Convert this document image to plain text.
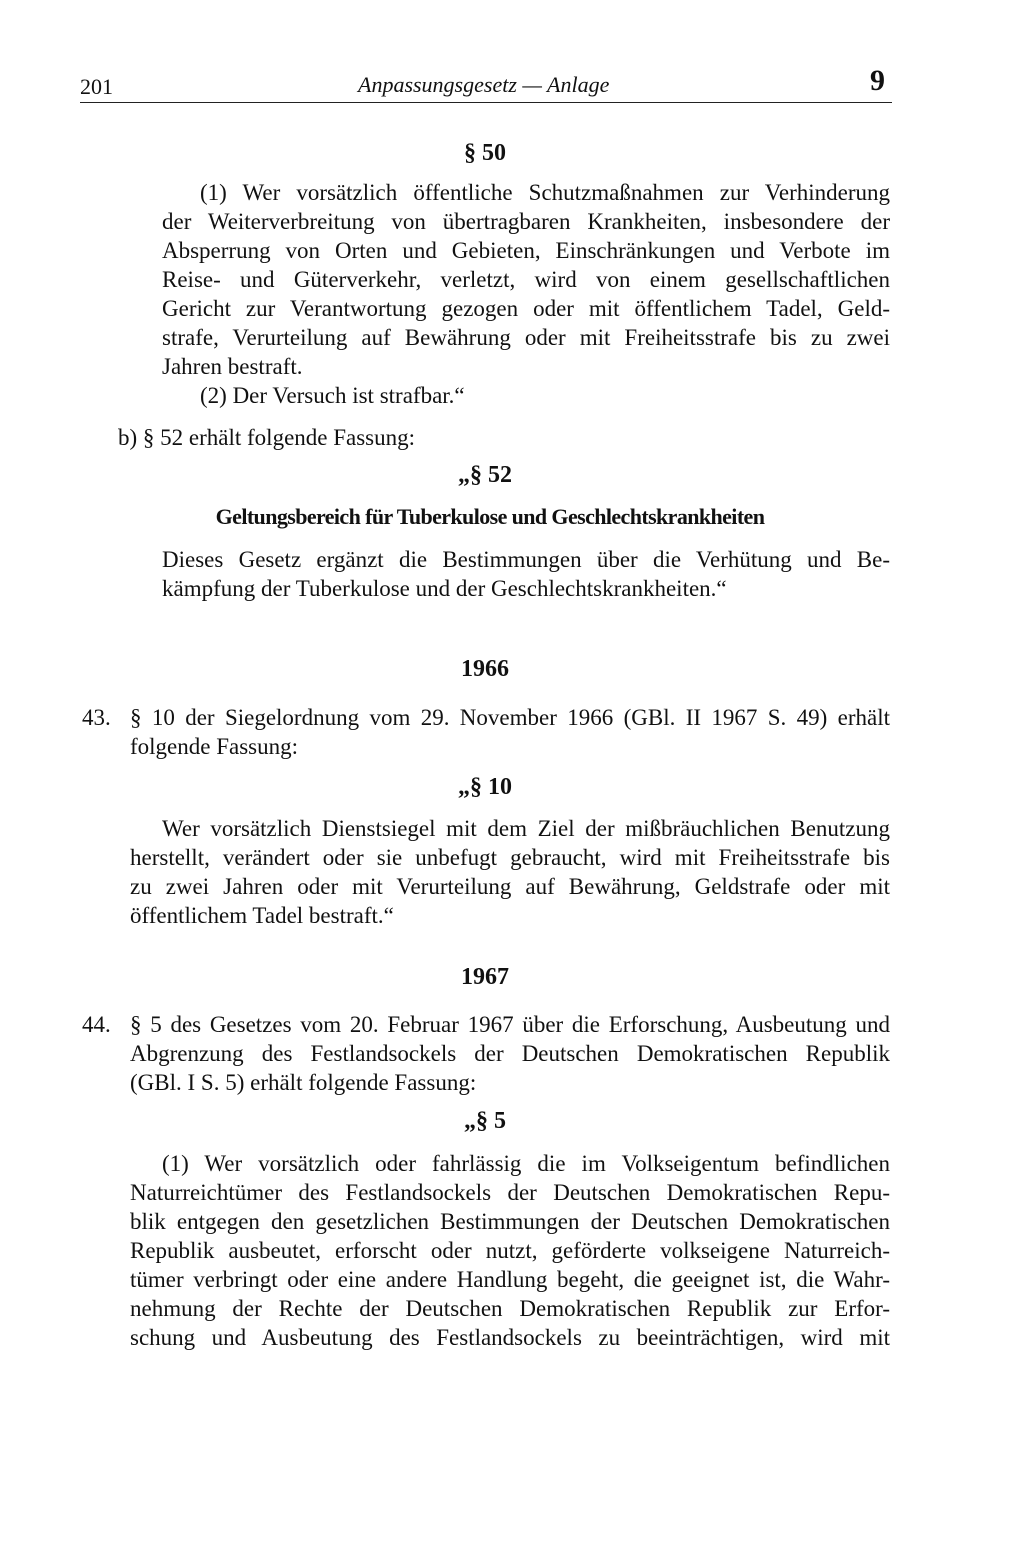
201	Anpassungsgesetz — Anlage	9
§ 50
(1) Wer vorsätzlich öffentliche Schutzmaßnahmen zur Verhinderung
der Weiterverbreitung von übertragbaren Krankheiten, insbesondere der
Absperrung von Orten und Gebieten, Einschränkungen und Verbote im
Reise- und Güterverkehr, verletzt, wird von einem gesellschaftlichen
Gericht zur Verantwortung gezogen oder mit öffentlichem Tadel, Geld-
strafe, Verurteilung auf Bewährung oder mit Freiheitsstrafe bis zu zwei
Jahren bestraft.
(2) Der Versuch ist strafbar.“
b) § 52 erhält folgende Fassung:
„§ 52
Geltungsbereich für Tuberkulose und Geschlechtskrankheiten
Dieses Gesetz ergänzt die Bestimmungen über die Verhütung und Be-
kämpfung der Tuberkulose und der Geschlechtskrankheiten.“
1966
43. § 10 der Siegelordnung vom 29. November 1966 (GBl. II 1967 S. 49) erhält
folgende Fassung:
„§ 10
Wer vorsätzlich Dienstsiegel mit dem Ziel der mißbräuchlichen Benutzung
herstellt, verändert oder sie unbefugt gebraucht, wird mit Freiheitsstrafe bis
zu zwei Jahren oder mit Verurteilung auf Bewährung, Geldstrafe oder mit
öffentlichem Tadel bestraft.“
1967
44. § 5 des Gesetzes vom 20. Februar 1967 über die Erforschung, Ausbeutung und
Abgrenzung des Festlandsockels der Deutschen Demokratischen Republik
(GBl. I S. 5) erhält folgende Fassung:
„§ 5
(1) Wer vorsätzlich oder fahrlässig die im Volkseigentum befindlichen
Naturreichtümer des Festlandsockels der Deutschen Demokratischen Repu-
blik entgegen den gesetzlichen Bestimmungen der Deutschen Demokratischen
Republik ausbeutet, erforscht oder nutzt, geförderte volkseigene Naturreich-
tümer verbringt oder eine andere Handlung begeht, die geeignet ist, die Wahr-
nehmung der Rechte der Deutschen Demokratischen Republik zur Erfor-
schung und Ausbeutung des Festlandsockels zu beeinträchtigen, wird mit
